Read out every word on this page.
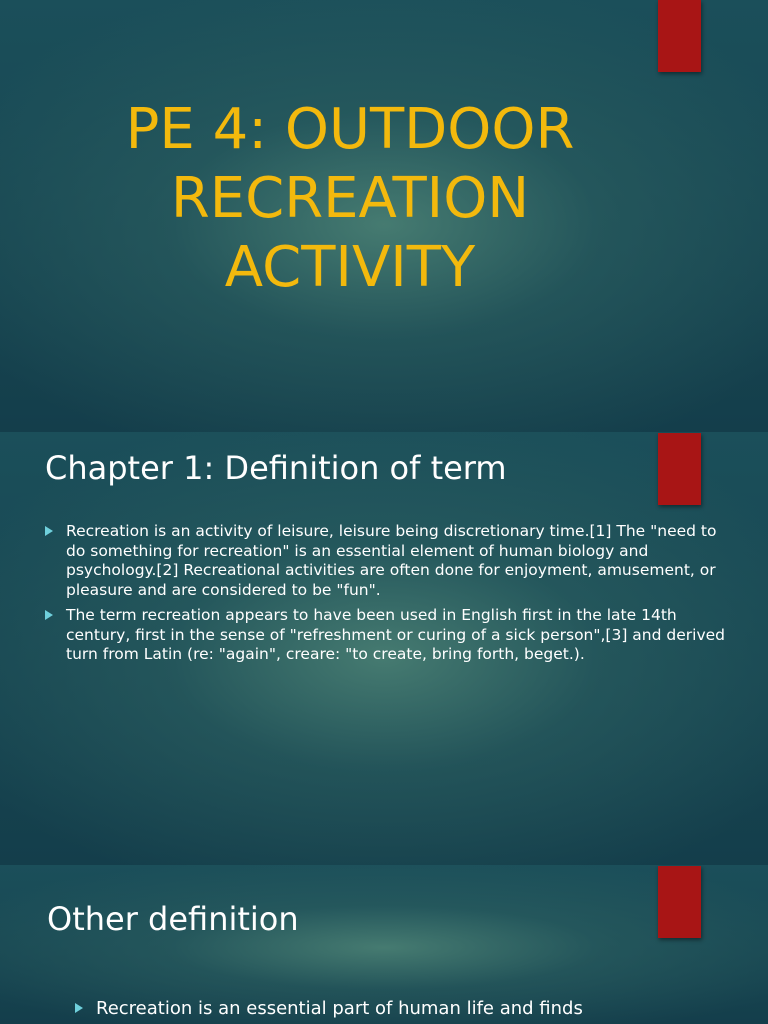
PE 4: OUTDOOR RECREATION ACTIVITY
Chapter 1: Definition of term
Recreation is an activity of leisure, leisure being discretionary time.[1] The "need to do something for recreation" is an essential element of human biology and psychology.[2] Recreational activities are often done for enjoyment, amusement, or pleasure and are considered to be "fun".
The term recreation appears to have been used in English first in the late 14th century, first in the sense of "refreshment or curing of a sick person",[3] and derived turn from Latin (re: "again", creare: "to create, bring forth, beget.).
Other definition
Recreation is an essential part of human life and finds
